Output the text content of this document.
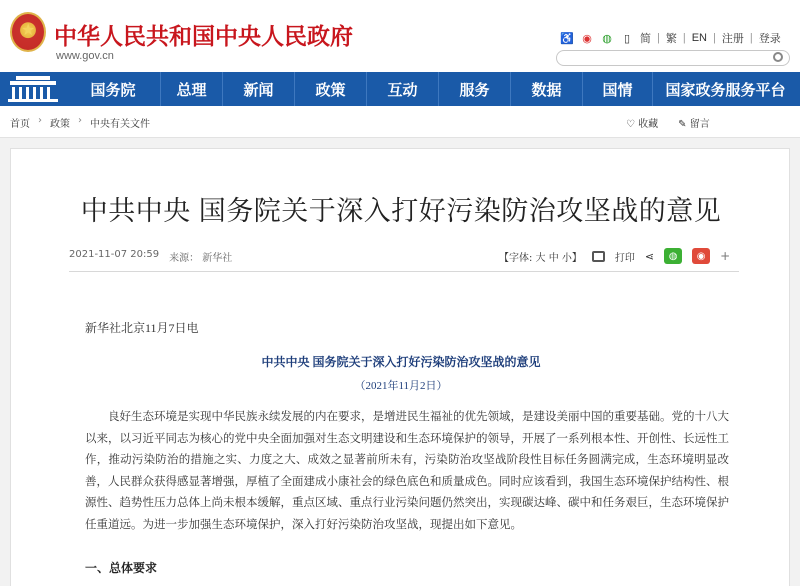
★
中华人民共和国中央人民政府
www.gov.cn
♿ ◉ ◍	▯ 简 | 繁 | EN | 注册 | 登录
国务院	总理	新闻	政策	互动	服务	数据	国情	国家政务服务平台
首页 › 政策 › 中央有关文件	♡ 收藏 ✎ 留言
中共中央 国务院关于深入打好污染防治攻坚战的意见
2021-11-07 20:59 来源： 新华社	【字体: 大 中 小】	打印 ⋖	◍	◉	+
新华社北京11月7日电
中共中央 国务院关于深入打好污染防治攻坚战的意见
（2021年11月2日）
良好生态环境是实现中华民族永续发展的内在要求，是增进民生福祉的优先领域，是建设美丽中国的重要基础。党的十八大以来，以习近平同志为核心的党中央全面加强对生态文明建设和生态环境保护的领导，开展了一系列根本性、开创性、长远性工作，推动污染防治的措施之实、力度之大、成效之显著前所未有，污染防治攻坚战阶段性目标任务圆满完成，生态环境明显改善，人民群众获得感显著增强，厚植了全面建成小康社会的绿色底色和质量成色。同时应该看到，我国生态环境保护结构性、根源性、趋势性压力总体上尚未根本缓解，重点区域、重点行业污染问题仍然突出，实现碳达峰、碳中和任务艰巨，生态环境保护任重道远。为进一步加强生态环境保护，深入打好污染防治攻坚战，现提出如下意见。
一、总体要求
